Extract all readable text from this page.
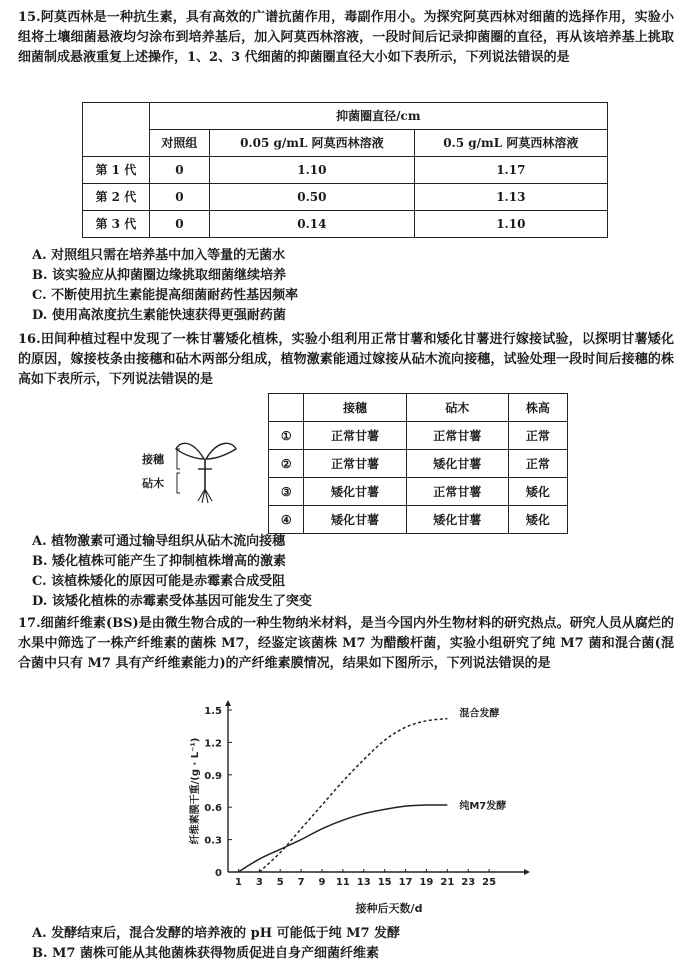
15.阿莫西林是一种抗生素，具有高效的广谱抗菌作用，毒副作用小。为探究阿莫西林对细菌的选择作用，实验小组将土壤细菌悬液均匀涂布到培养基后，加入阿莫西林溶液，一段时间后记录抑菌圈的直径，再从该培养基上挑取细菌制成悬液重复上述操作，1、2、3 代细菌的抑菌圈直径大小如下表所示，下列说法错误的是

	抑菌圈直径/cm		
	对照组	0.05 g/mL 阿莫西林溶液	0.5 g/mL 阿莫西林溶液
第 1 代	0	1.10	1.17
第 2 代	0	0.50	1.13
第 3 代	0	0.14	1.10

A. 对照组只需在培养基中加入等量的无菌水

B. 该实验应从抑菌圈边缘挑取细菌继续培养

C. 不断使用抗生素能提高细菌耐药性基因频率

D. 使用高浓度抗生素能快速获得更强耐药菌

16.田间种植过程中发现了一株甘薯矮化植株，实验小组利用正常甘薯和矮化甘薯进行嫁接试验，以探明甘薯矮化的原因，嫁接枝条由接穗和砧木两部分组成，植物激素能通过嫁接从砧木流向接穗，试验处理一段时间后接穗的株高如下表所示，下列说法错误的是

接穗
砧木
	接穗	砧木	株高
①	正常甘薯	正常甘薯	正常
②	正常甘薯	矮化甘薯	正常
③	矮化甘薯	正常甘薯	矮化
④	矮化甘薯	矮化甘薯	矮化

A. 植物激素可通过输导组织从砧木流向接穗

B. 矮化植株可能产生了抑制植株增高的激素

C. 该植株矮化的原因可能是赤霉素合成受阻

D. 该矮化植株的赤霉素受体基因可能发生了突变

17.细菌纤维素(BS)是由微生物合成的一种生物纳米材料，是当今国内外生物材料的研究热点。研究人员从腐烂的水果中筛选了一株产纤维素的菌株 M7，经鉴定该菌株 M7 为醋酸杆菌，实验小组研究了纯 M7 菌和混合菌(混合菌中只有 M7 具有产纤维素能力)的产纤维素膜情况，结果如下图所示，下列说法错误的是

1 3 5 7 9 11 13 15 17 19 21 23 25
0
0.3
0.6
0.9
1.2
1.5
接种后天数/d
纤维素膜干重/(g · L⁻¹)
混合发酵
纯M7发酵

A. 发酵结束后，混合发酵的培养液的 pH 可能低于纯 M7 发酵

B. M7 菌株可能从其他菌株获得物质促进自身产细菌纤维素
